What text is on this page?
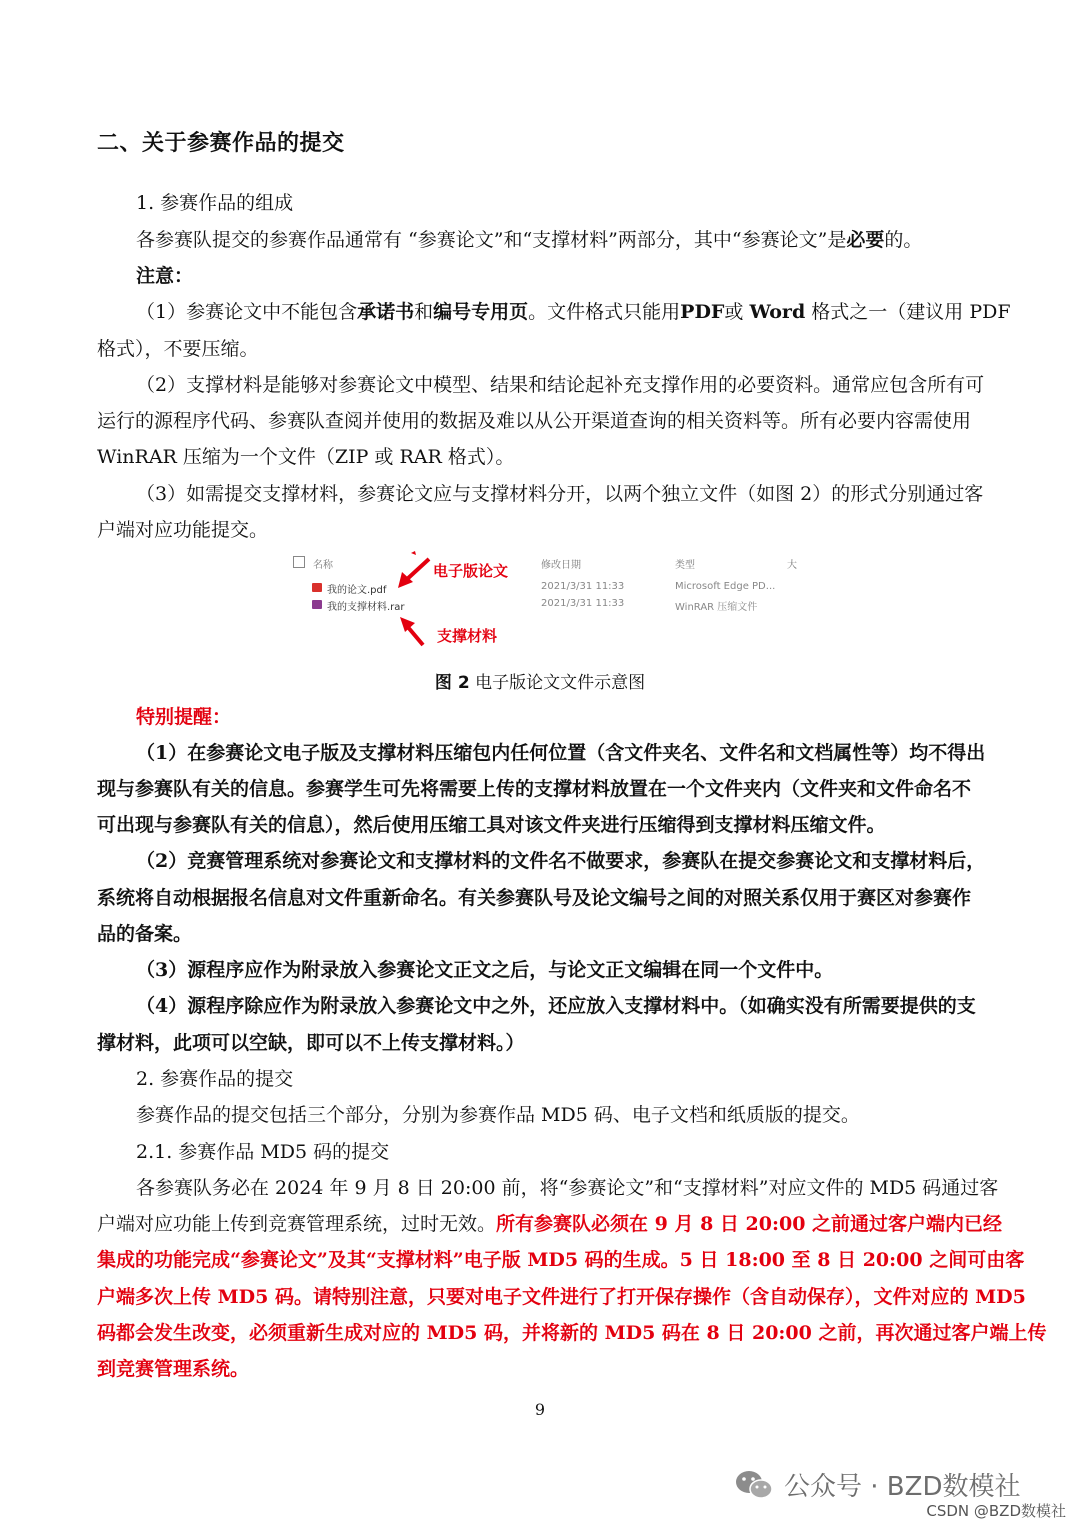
二、关于参赛作品的提交
1. 参赛作品的组成
各参赛队提交的参赛作品通常有 “参赛论文”和“支撑材料”两部分，其中“参赛论文”是必要的。
注意：
（1）参赛论文中不能包含承诺书和编号专用页。文件格式只能用PDF或 Word 格式之一（建议用 PDF
格式），不要压缩。
（2）支撑材料是能够对参赛论文中模型、结果和结论起补充支撑作用的必要资料。通常应包含所有可
运行的源程序代码、参赛队查阅并使用的数据及难以从公开渠道查询的相关资料等。所有必要内容需使用
WinRAR 压缩为一个文件（ZIP 或 RAR 格式）。
（3）如需提交支撑材料，参赛论文应与支撑材料分开，以两个独立文件（如图 2）的形式分别通过客
户端对应功能提交。
名称	修改日期	类型	大
我的论文.pdf	2021/3/31 11:33	Microsoft Edge PD...
我的支撑材料.rar	2021/3/31 11:33	WinRAR 压缩文件
电子版论文
支撑材料
图 2 电子版论文文件示意图
特别提醒：
（1）在参赛论文电子版及支撑材料压缩包内任何位置（含文件夹名、文件名和文档属性等）均不得出
现与参赛队有关的信息。参赛学生可先将需要上传的支撑材料放置在一个文件夹内（文件夹和文件命名不
可出现与参赛队有关的信息），然后使用压缩工具对该文件夹进行压缩得到支撑材料压缩文件。
（2）竞赛管理系统对参赛论文和支撑材料的文件名不做要求，参赛队在提交参赛论文和支撑材料后，
系统将自动根据报名信息对文件重新命名。有关参赛队号及论文编号之间的对照关系仅用于赛区对参赛作
品的备案。
（3）源程序应作为附录放入参赛论文正文之后，与论文正文编辑在同一个文件中。
（4）源程序除应作为附录放入参赛论文中之外，还应放入支撑材料中。（如确实没有所需要提供的支
撑材料，此项可以空缺，即可以不上传支撑材料。）
2. 参赛作品的提交
参赛作品的提交包括三个部分，分别为参赛作品 MD5 码、电子文档和纸质版的提交。
2.1. 参赛作品 MD5 码的提交
各参赛队务必在 2024 年 9 月 8 日 20:00 前，将“参赛论文”和“支撑材料”对应文件的 MD5 码通过客
户端对应功能上传到竞赛管理系统，过时无效。所有参赛队必须在 9 月 8 日 20:00 之前通过客户端内已经
集成的功能完成“参赛论文”及其“支撑材料”电子版 MD5 码的生成。5 日 18:00 至 8 日 20:00 之间可由客
户端多次上传 MD5 码。请特别注意，只要对电子文件进行了打开保存操作（含自动保存），文件对应的 MD5
码都会发生改变，必须重新生成对应的 MD5 码，并将新的 MD5 码在 8 日 20:00 之前，再次通过客户端上传
到竞赛管理系统。
9
公众号 · BZD数模社
CSDN @BZD数模社
